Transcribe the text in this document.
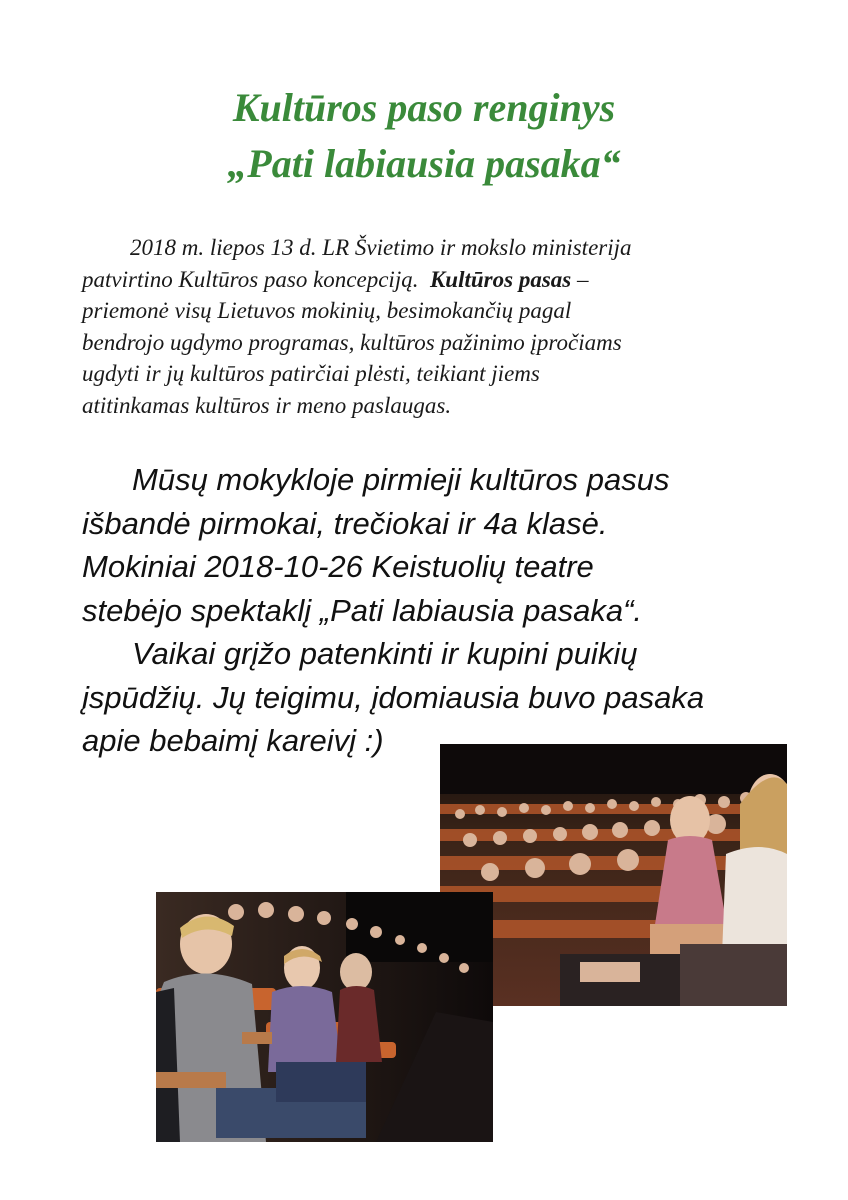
Kultūros paso renginys
„Pati labiausia pasaka“
2018 m. liepos 13 d. LR Švietimo ir mokslo ministerija
patvirtino Kultūros paso koncepciją. Kultūros pasas –
priemonė visų Lietuvos mokinių, besimokančių pagal
bendrojo ugdymo programas, kultūros pažinimo įpročiams
ugdyti ir jų kultūros patirčiai plėsti, teikiant jiems
atitinkamas kultūros ir meno paslaugas.
Mūsų mokykloje pirmieji kultūros pasus
išbandė pirmokai, trečiokai ir 4a klasė.
Mokiniai 2018-10-26 Keistuolių teatre
stebėjo spektaklį „Pati labiausia pasaka“.
Vaikai grįžo patenkinti ir kupini puikių
įspūdžių. Jų teigimu, įdomiausia buvo pasaka
apie bebaimį kareivį :)
